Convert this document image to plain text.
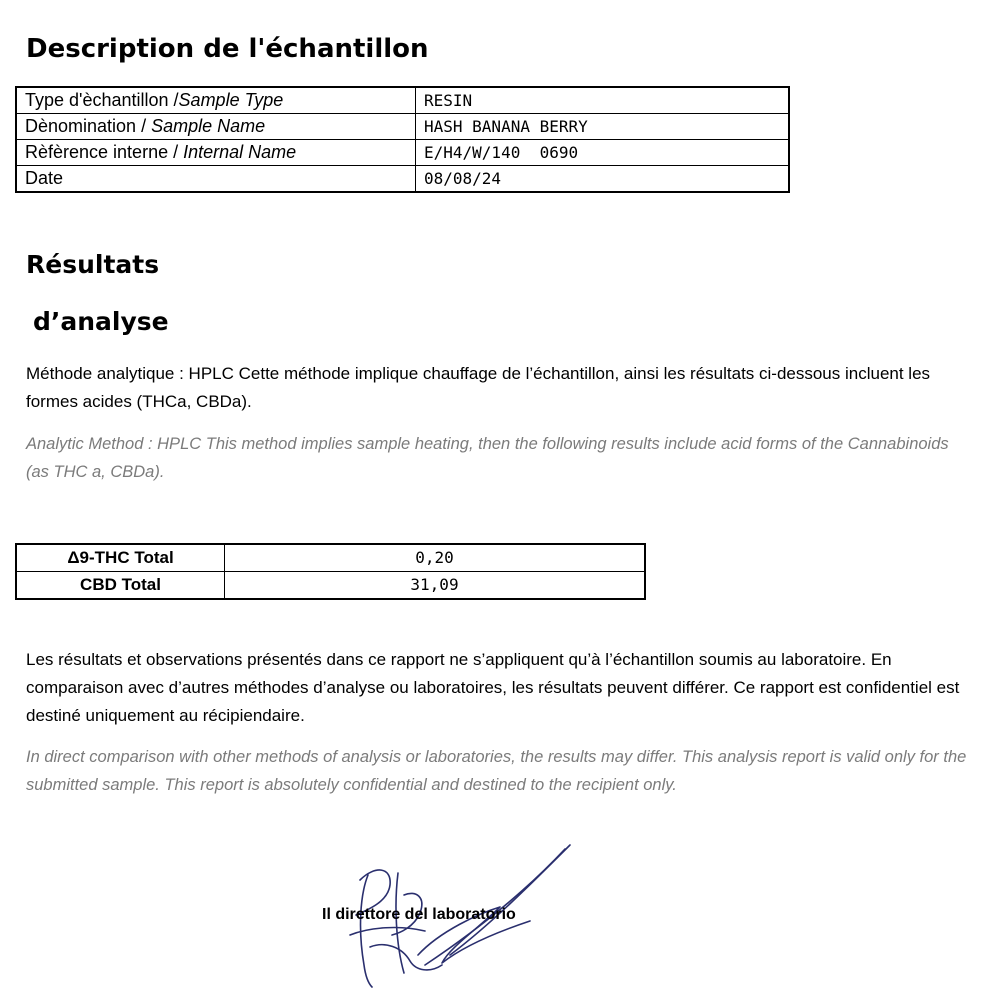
Description de l'échantillon
Type d'èchantillon /Sample Type	RESIN
Dènomination / Sample Name	HASH BANANA BERRY
Rèfèrence interne / Internal Name	E/H4/W/140  0690
Date	08/08/24
Résultats
d’analyse

Méthode analytique : HPLC Cette méthode implique chauffage de l’échantillon, ainsi les résultats ci-dessous incluent les formes acides (THCa, CBDa).

Analytic Method : HPLC This method implies sample heating, then the following results include acid forms of the Cannabinoids (as THC a, CBDa).

Δ9-THC Total	0,20
CBD Total	31,09

Les résultats et observations présentés dans ce rapport ne s’appliquent qu’à l’échantillon soumis au laboratoire. En comparaison avec d’autres méthodes d’analyse ou laboratoires, les résultats peuvent différer. Ce rapport est confidentiel est destiné uniquement au récipiendaire.

In direct comparison with other methods of analysis or laboratories, the results may differ. This analysis report is valid only for the submitted sample. This report is absolutely confidential and destined to the recipient only.

Il direttore del laboratorio
